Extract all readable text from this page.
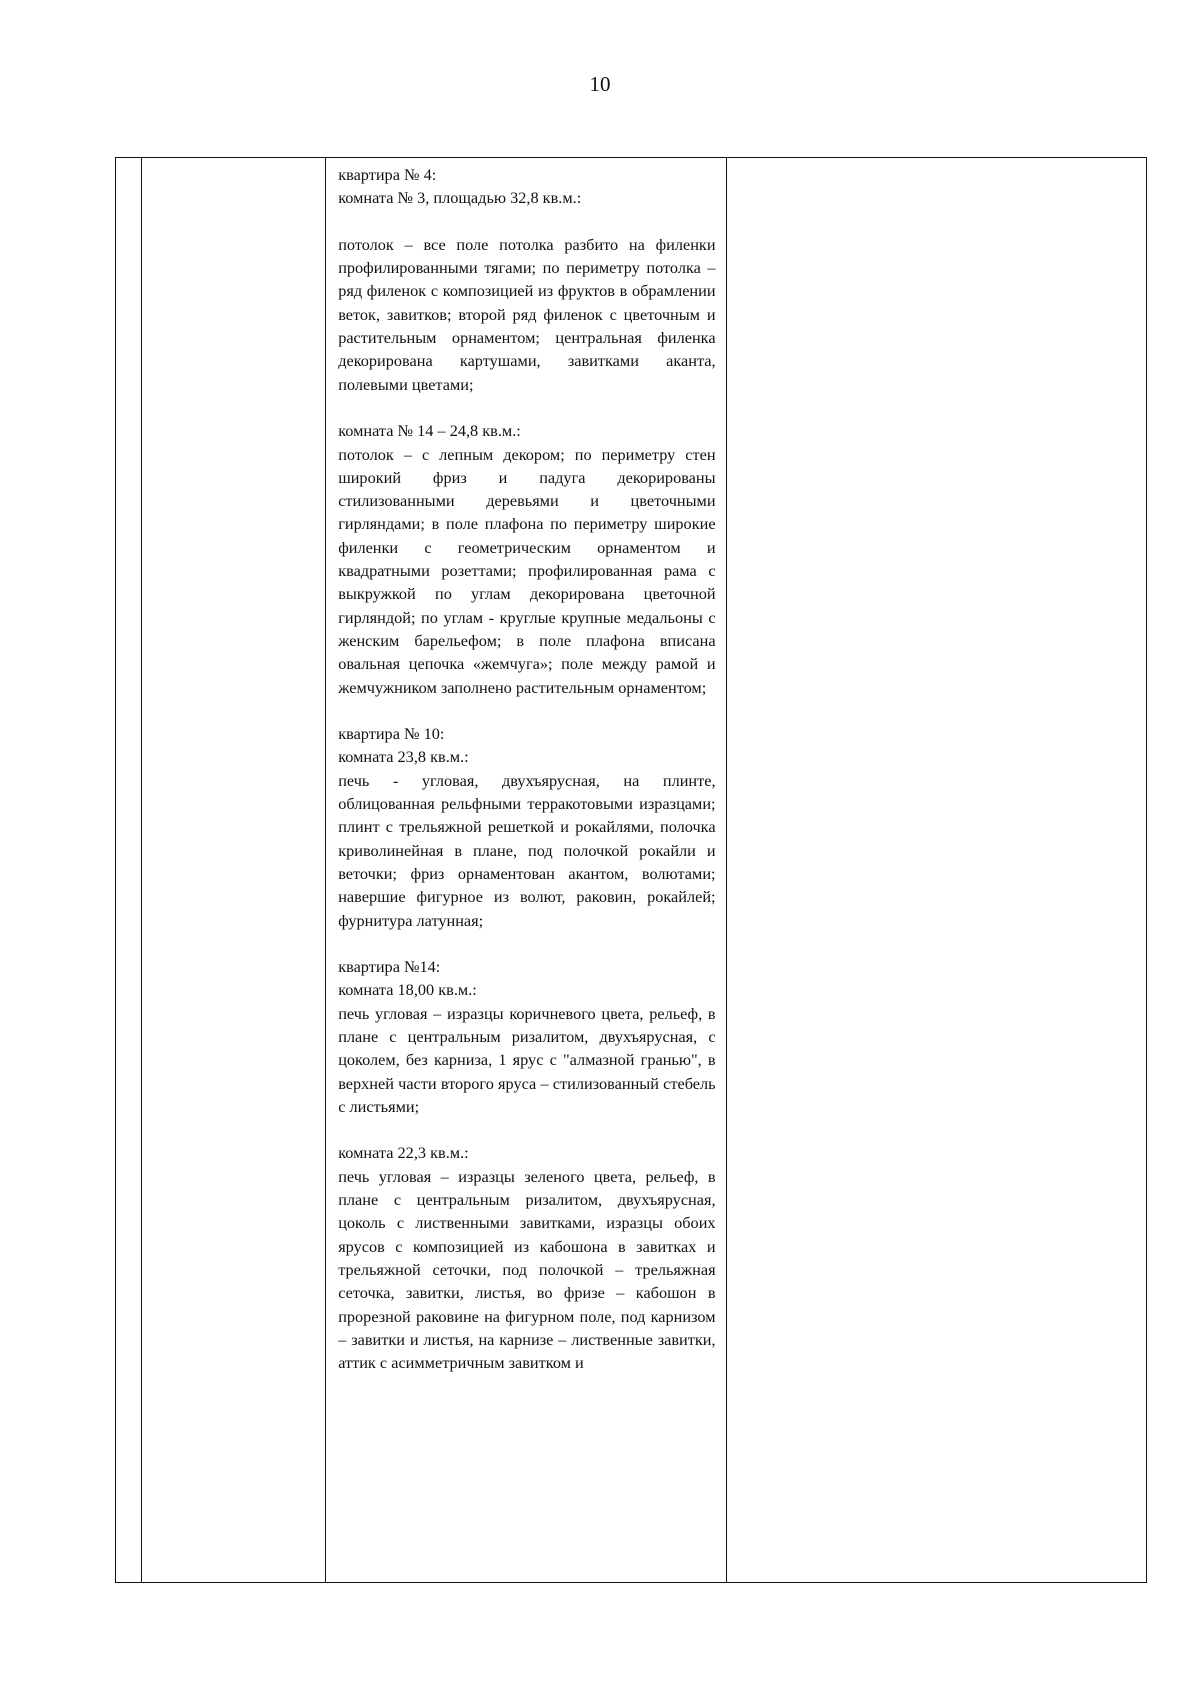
10

квартира № 4:

комната № 3, площадью 32,8 кв.м.:

потолок – все поле потолка разбито на филенки профилированными тягами; по периметру потолка – ряд филенок с композицией из фруктов в обрамлении веток, завитков; второй ряд филенок с цветочным и растительным орнаментом; центральная филенка декорирована картушами, завитками аканта, полевыми цветами;

комната № 14 – 24,8 кв.м.:

потолок – с лепным декором; по периметру стен широкий фриз и падуга декорированы стилизованными деревьями и цветочными гирляндами; в поле плафона по периметру широкие филенки с геометрическим орнаментом и квадратными розеттами; профилированная рама с выкружкой по углам декорирована цветочной гирляндой; по углам - круглые крупные медальоны с женским барельефом; в поле плафона вписана овальная цепочка «жемчуга»; поле между рамой и жемчужником заполнено растительным орнаментом;

квартира № 10:

комната 23,8 кв.м.:

печь - угловая, двухъярусная, на плинте, облицованная рельфными терракотовыми изразцами; плинт с трельяжной решеткой и рокайлями, полочка криволинейная в плане, под полочкой рокайли и веточки; фриз орнаментован акантом, волютами; навершие фигурное из волют, раковин, рокайлей; фурнитура латунная;

квартира №14:

комната 18,00 кв.м.:

печь угловая – изразцы коричневого цвета, рельеф, в плане с центральным ризалитом, двухъярусная, с цоколем, без карниза, 1 ярус с "алмазной гранью", в верхней части второго яруса – стилизованный стебель с листьями;

комната 22,3 кв.м.:

печь угловая – изразцы зеленого цвета, рельеф, в плане с центральным ризалитом, двухъярусная, цоколь с лиственными завитками, изразцы обоих ярусов с композицией из кабошона в завитках и трельяжной сеточки, под полочкой – трельяжная сеточка, завитки, листья, во фризе – кабошон в прорезной раковине на фигурном поле, под карнизом – завитки и листья, на карнизе – лиственные завитки, аттик с асимметричным завитком и
